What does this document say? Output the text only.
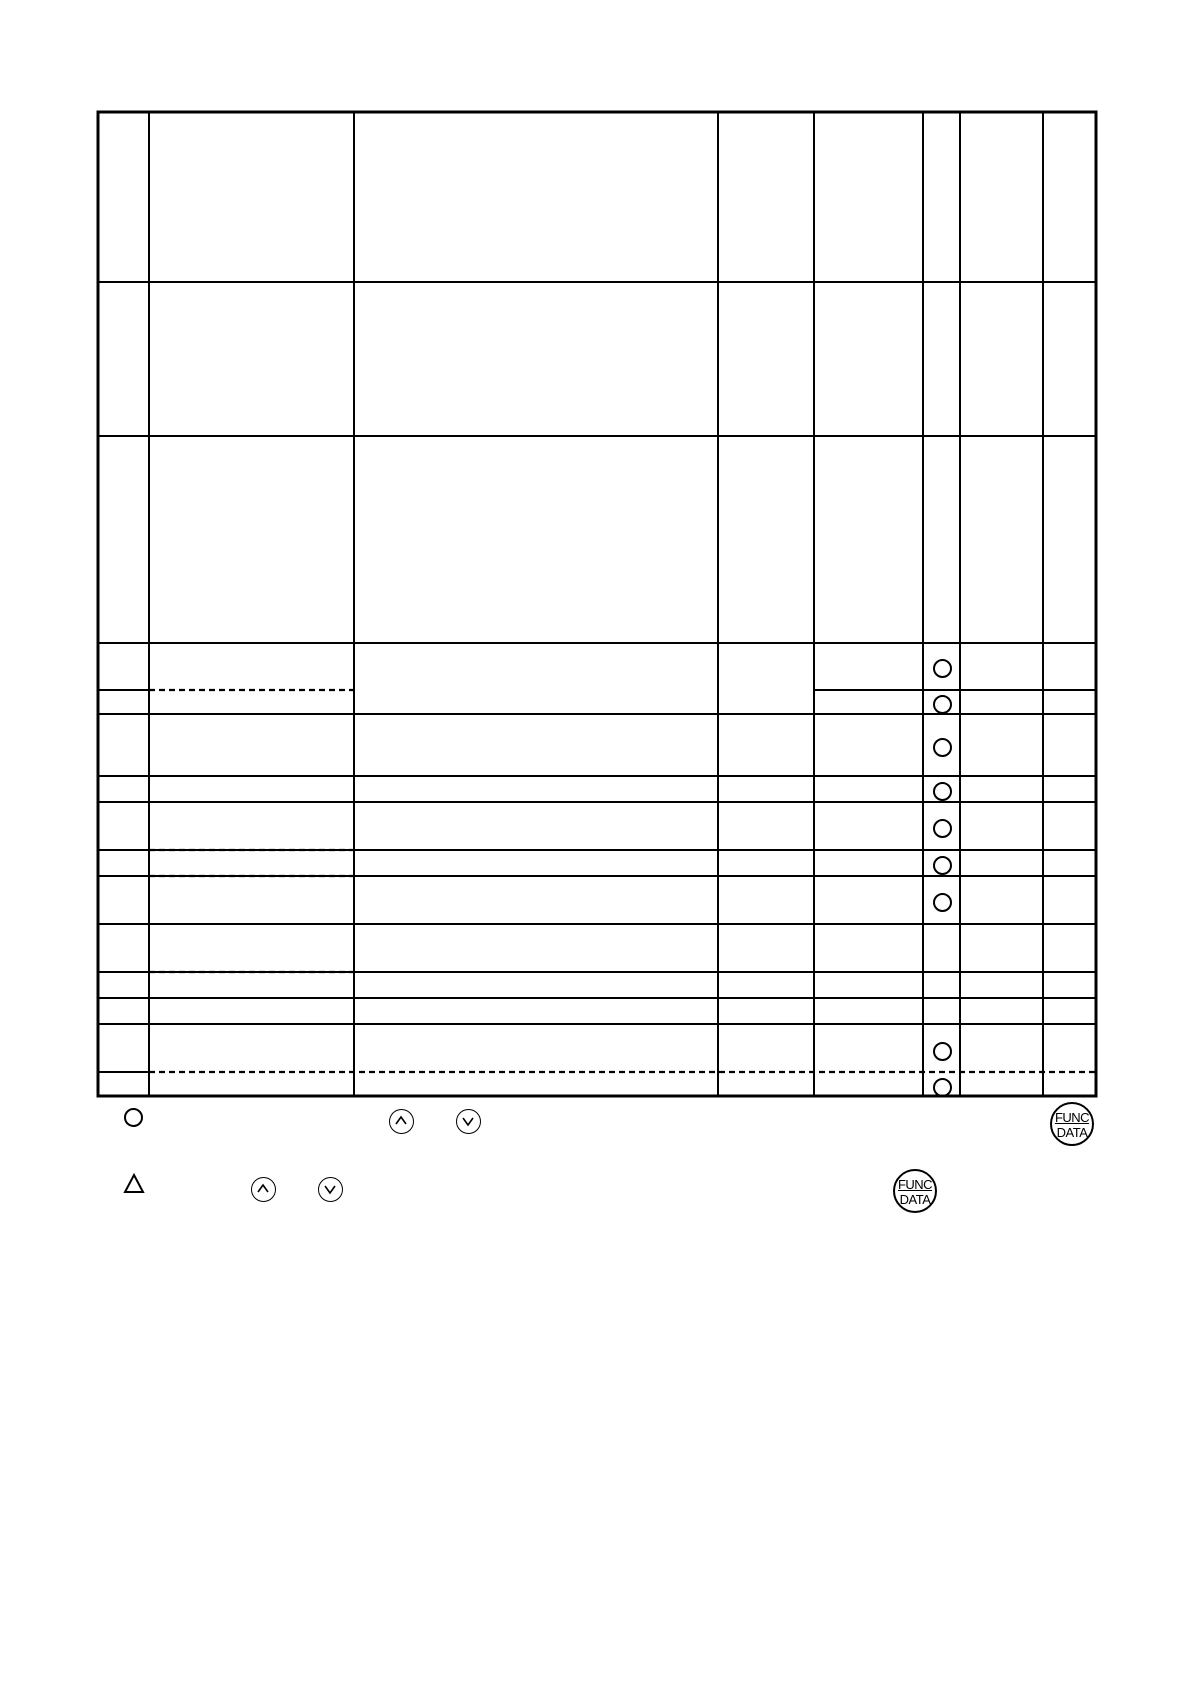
FUNC
DATA
FUNC
DATA
